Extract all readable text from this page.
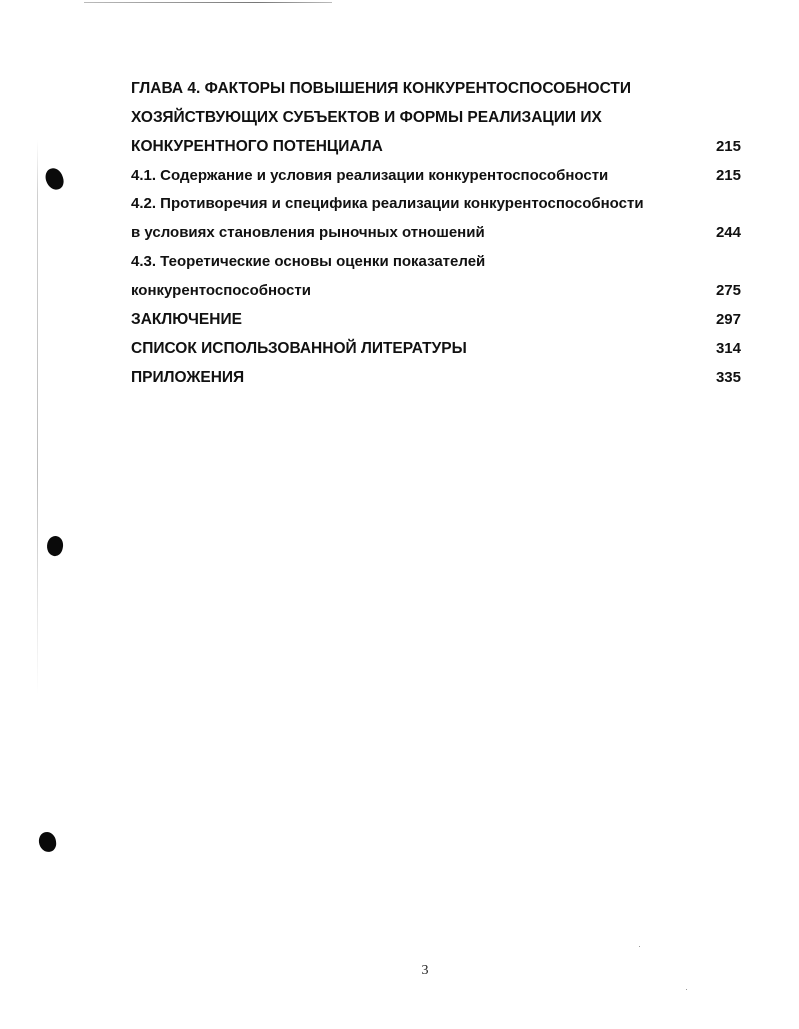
ГЛАВА 4. ФАКТОРЫ ПОВЫШЕНИЯ КОНКУРЕНТОСПОСОБНОСТИ
ХОЗЯЙСТВУЮЩИХ СУБЪЕКТОВ И ФОРМЫ РЕАЛИЗАЦИИ ИХ
КОНКУРЕНТНОГО ПОТЕНЦИАЛА	215
4.1. Содержание и условия реализации конкурентоспособности	215
4.2. Противоречия и специфика реализации конкурентоспособности
в условиях становления рыночных отношений	244
4.3. Теоретические основы оценки показателей
конкурентоспособности	275
ЗАКЛЮЧЕНИЕ	297
СПИСОК ИСПОЛЬЗОВАННОЙ ЛИТЕРАТУРЫ	314
ПРИЛОЖЕНИЯ	335
3
